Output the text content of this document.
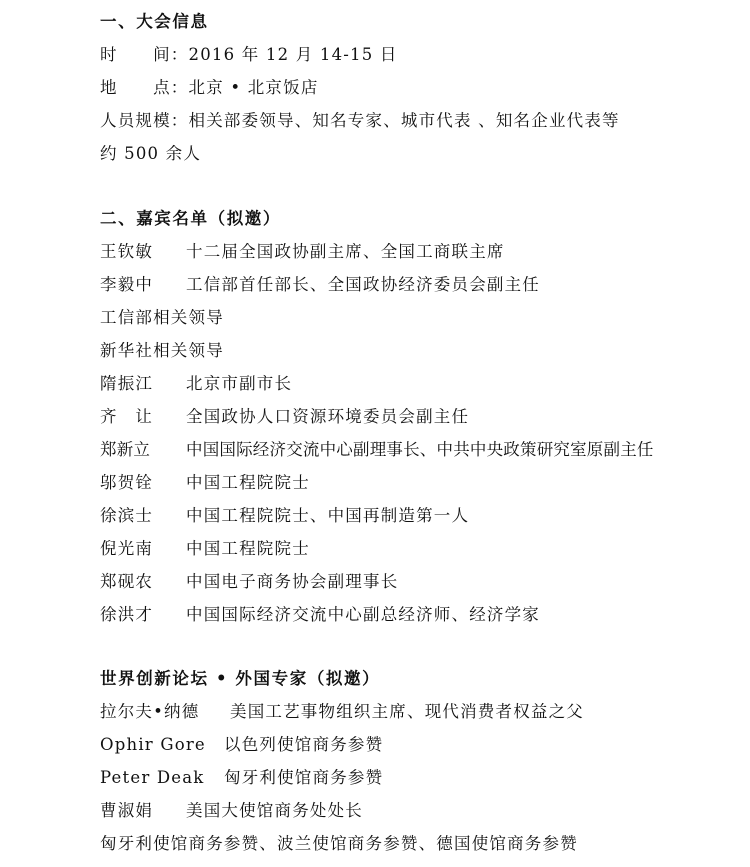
一、大会信息
时　　间：2016 年 12 月 14-15 日
地　　点：北京 • 北京饭店
人员规模：相关部委领导、知名专家、城市代表 、知名企业代表等
约 500 余人
二、嘉宾名单（拟邀）
王钦敏 十二届全国政协副主席、全国工商联主席
李毅中 工信部首任部长、全国政协经济委员会副主任
工信部相关领导
新华社相关领导
隋振江 北京市副市长
齐　让 全国政协人口资源环境委员会副主任
郑新立 中国国际经济交流中心副理事长、中共中央政策研究室原副主任
邬贺铨 中国工程院院士
徐滨士 中国工程院院士、中国再制造第一人
倪光南 中国工程院院士
郑砚农 中国电子商务协会副理事长
徐洪才 中国国际经济交流中心副总经济师、经济学家
世界创新论坛 • 外国专家（拟邀）
拉尔夫•纳德 美国工艺事物组织主席、现代消费者权益之父
Ophir Gore 以色列使馆商务参赞
Peter Deak 匈牙利使馆商务参赞
曹淑娟 美国大使馆商务处处长
匈牙利使馆商务参赞、波兰使馆商务参赞、德国使馆商务参赞
